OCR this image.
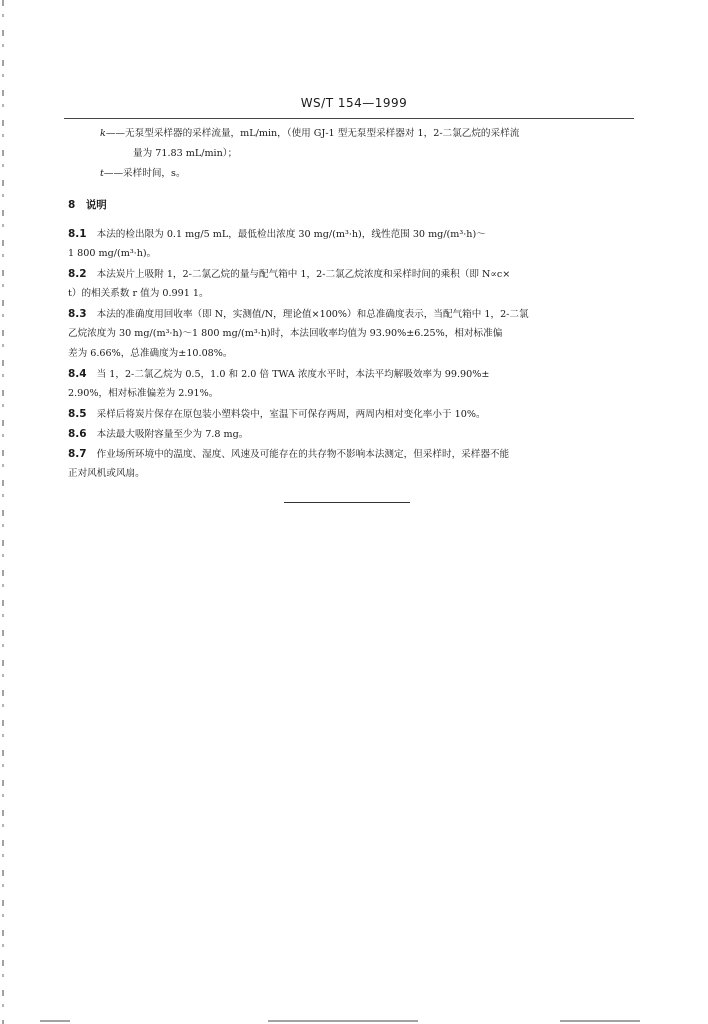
WS/T 154—1999
k——无泵型采样器的采样流量，mL/min，（使用 GJ-1 型无泵型采样器对 1，2-二氯乙烷的采样流
量为 71.83 mL/min）；
t——采样时间，s。
8  说明
8.1 本法的检出限为 0.1 mg/5 mL，最低检出浓度 30 mg/(m³·h)，线性范围 30 mg/(m³·h)～
1 800 mg/(m³·h)。
8.2 本法炭片上吸附 1，2-二氯乙烷的量与配气箱中 1，2-二氯乙烷浓度和采样时间的乘积（即 N∝c×
t）的相关系数 r 值为 0.991 1。
8.3 本法的准确度用回收率（即 N，实测值/N，理论值×100%）和总准确度表示，当配气箱中 1，2-二氯
乙烷浓度为 30 mg/(m³·h)～1 800 mg/(m³·h)时，本法回收率均值为 93.90%±6.25%，相对标准偏
差为 6.66%，总准确度为±10.08%。
8.4 当 1，2-二氯乙烷为 0.5，1.0 和 2.0 倍 TWA 浓度水平时，本法平均解吸效率为 99.90%±
2.90%，相对标准偏差为 2.91%。
8.5 采样后将炭片保存在原包装小塑料袋中，室温下可保存两周，两周内相对变化率小于 10%。
8.6 本法最大吸附容量至少为 7.8 mg。
8.7 作业场所环境中的温度、湿度、风速及可能存在的共存物不影响本法测定，但采样时，采样器不能
正对风机或风扇。
